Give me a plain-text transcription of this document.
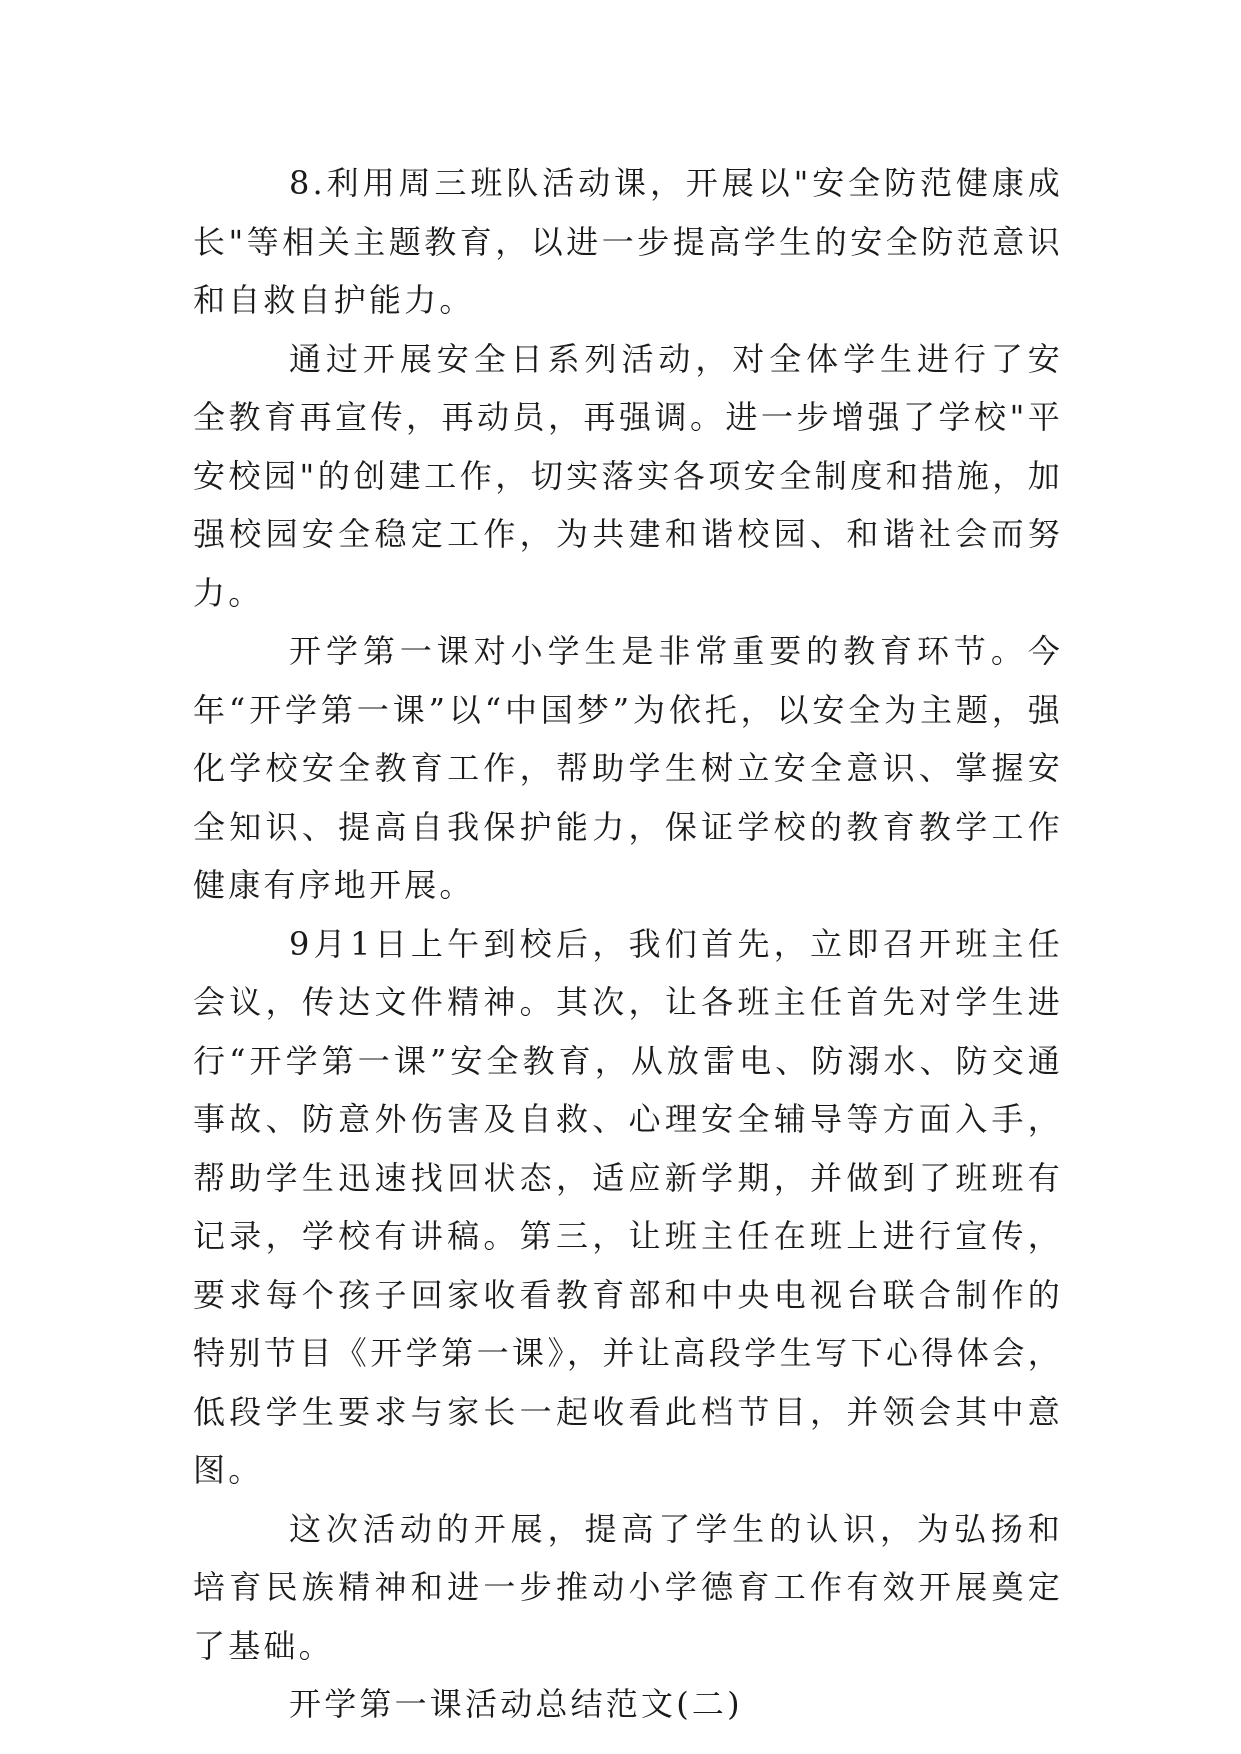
8.利用周三班队活动课，开展以"安全防范健康成长"等相关主题教育，以进一步提高学生的安全防范意识和自救自护能力。

通过开展安全日系列活动，对全体学生进行了安全教育再宣传，再动员，再强调。进一步增强了学校"平安校园"的创建工作，切实落实各项安全制度和措施，加强校园安全稳定工作，为共建和谐校园、和谐社会而努力。

开学第一课对小学生是非常重要的教育环节。今年“开学第一课”以“中国梦”为依托，以安全为主题，强化学校安全教育工作，帮助学生树立安全意识、掌握安全知识、提高自我保护能力，保证学校的教育教学工作健康有序地开展。

9月1日上午到校后，我们首先，立即召开班主任会议，传达文件精神。其次，让各班主任首先对学生进行“开学第一课”安全教育，从放雷电、防溺水、防交通事故、防意外伤害及自救、心理安全辅导等方面入手，帮助学生迅速找回状态，适应新学期，并做到了班班有记录，学校有讲稿。第三，让班主任在班上进行宣传，要求每个孩子回家收看教育部和中央电视台联合制作的特别节目《开学第一课》，并让高段学生写下心得体会，低段学生要求与家长一起收看此档节目，并领会其中意图。

这次活动的开展，提高了学生的认识，为弘扬和培育民族精神和进一步推动小学德育工作有效开展奠定了基础。

开学第一课活动总结范文(二)
